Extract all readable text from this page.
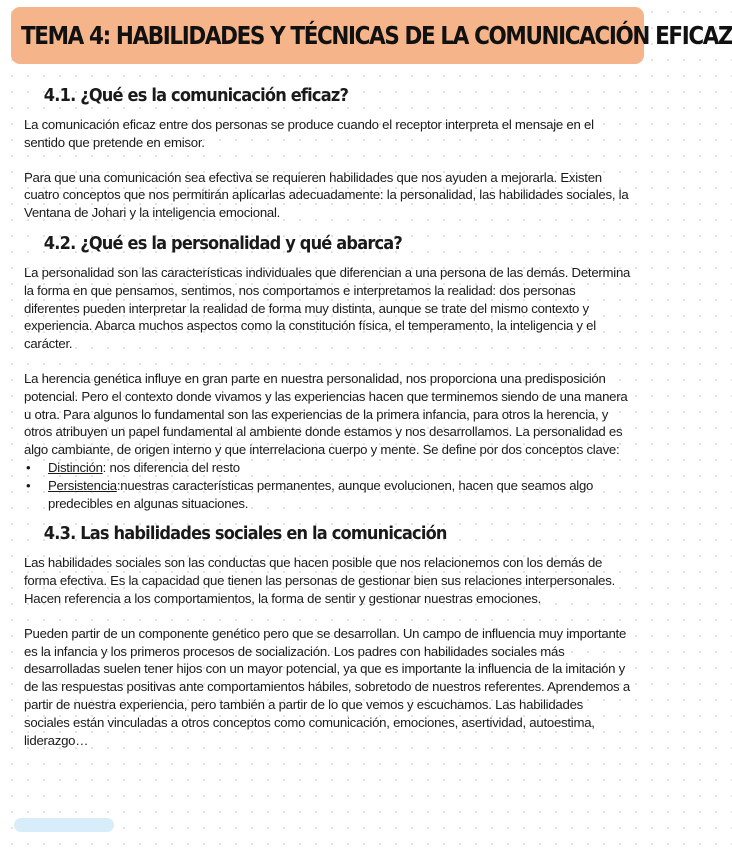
TEMA 4: HABILIDADES Y TÉCNICAS DE LA COMUNICACIÓN EFICAZ
4.1. ¿Qué es la comunicación eficaz?

La comunicación eficaz entre dos personas se produce cuando el receptor interpreta el mensaje en el sentido que pretende en emisor.

Para que una comunicación sea efectiva se requieren habilidades que nos ayuden a mejorarla. Existen cuatro conceptos que nos permitirán aplicarlas adecuadamente: la personalidad, las habilidades sociales, la Ventana de Johari y la inteligencia emocional.

4.2. ¿Qué es la personalidad y qué abarca?

La personalidad son las características individuales que diferencian a una persona de las demás. Determina la forma en que pensamos, sentimos, nos comportamos e interpretamos la realidad: dos personas diferentes pueden interpretar la realidad de forma muy distinta, aunque se trate del mismo contexto y experiencia. Abarca muchos aspectos como la constitución física, el temperamento, la inteligencia y el carácter.

La herencia genética influye en gran parte en nuestra personalidad, nos proporciona una predisposición potencial. Pero el contexto donde vivamos y las experiencias hacen que terminemos siendo de una manera u otra. Para algunos lo fundamental son las experiencias de la primera infancia, para otros la herencia, y otros atribuyen un papel fundamental al ambiente donde estamos y nos desarrollamos. La personalidad es algo cambiante, de origen interno y que interrelaciona cuerpo y mente. Se define por dos conceptos clave:

• Distinción: nos diferencia del resto
• Persistencia:nuestras características permanentes, aunque evolucionen, hacen que seamos algo predecibles en algunas situaciones.
4.3. Las habilidades sociales en la comunicación

Las habilidades sociales son las conductas que hacen posible que nos relacionemos con los demás de forma efectiva. Es la capacidad que tienen las personas de gestionar bien sus relaciones interpersonales. Hacen referencia a los comportamientos, la forma de sentir y gestionar nuestras emociones.

Pueden partir de un componente genético pero que se desarrollan. Un campo de influencia muy importante es la infancia y los primeros procesos de socialización. Los padres con habilidades sociales más desarrolladas suelen tener hijos con un mayor potencial, ya que es importante la influencia de la imitación y de las respuestas positivas ante comportamientos hábiles, sobretodo de nuestros referentes. Aprendemos a partir de nuestra experiencia, pero también a partir de lo que vemos y escuchamos. Las habilidades sociales están vinculadas a otros conceptos como comunicación, emociones, asertividad, autoestima, liderazgo…
